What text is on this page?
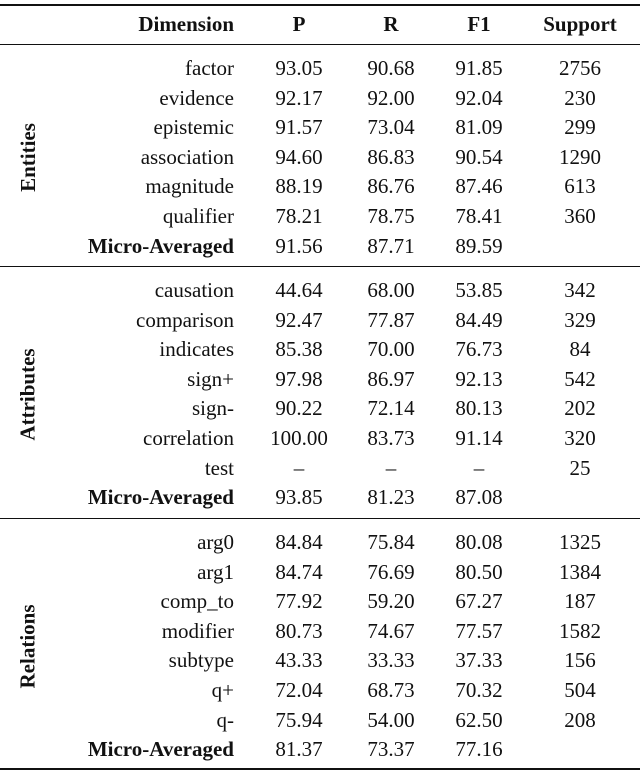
Dimension	P	R	F1	Support
factor	93.05	90.68	91.85	2756
evidence	92.17	92.00	92.04	230
epistemic	91.57	73.04	81.09	299
association	94.60	86.83	90.54	1290
magnitude	88.19	86.76	87.46	613
qualifier	78.21	78.75	78.41	360
Micro-Averaged	91.56	87.71	89.59
Entities
causation	44.64	68.00	53.85	342
comparison	92.47	77.87	84.49	329
indicates	85.38	70.00	76.73	84
sign+	97.98	86.97	92.13	542
sign-	90.22	72.14	80.13	202
correlation	100.00	83.73	91.14	320
test	–	–	–	25
Micro-Averaged	93.85	81.23	87.08
Attributes
arg0	84.84	75.84	80.08	1325
arg1	84.74	76.69	80.50	1384
comp_to	77.92	59.20	67.27	187
modifier	80.73	74.67	77.57	1582
subtype	43.33	33.33	37.33	156
q+	72.04	68.73	70.32	504
q-	75.94	54.00	62.50	208
Micro-Averaged	81.37	73.37	77.16
Relations
